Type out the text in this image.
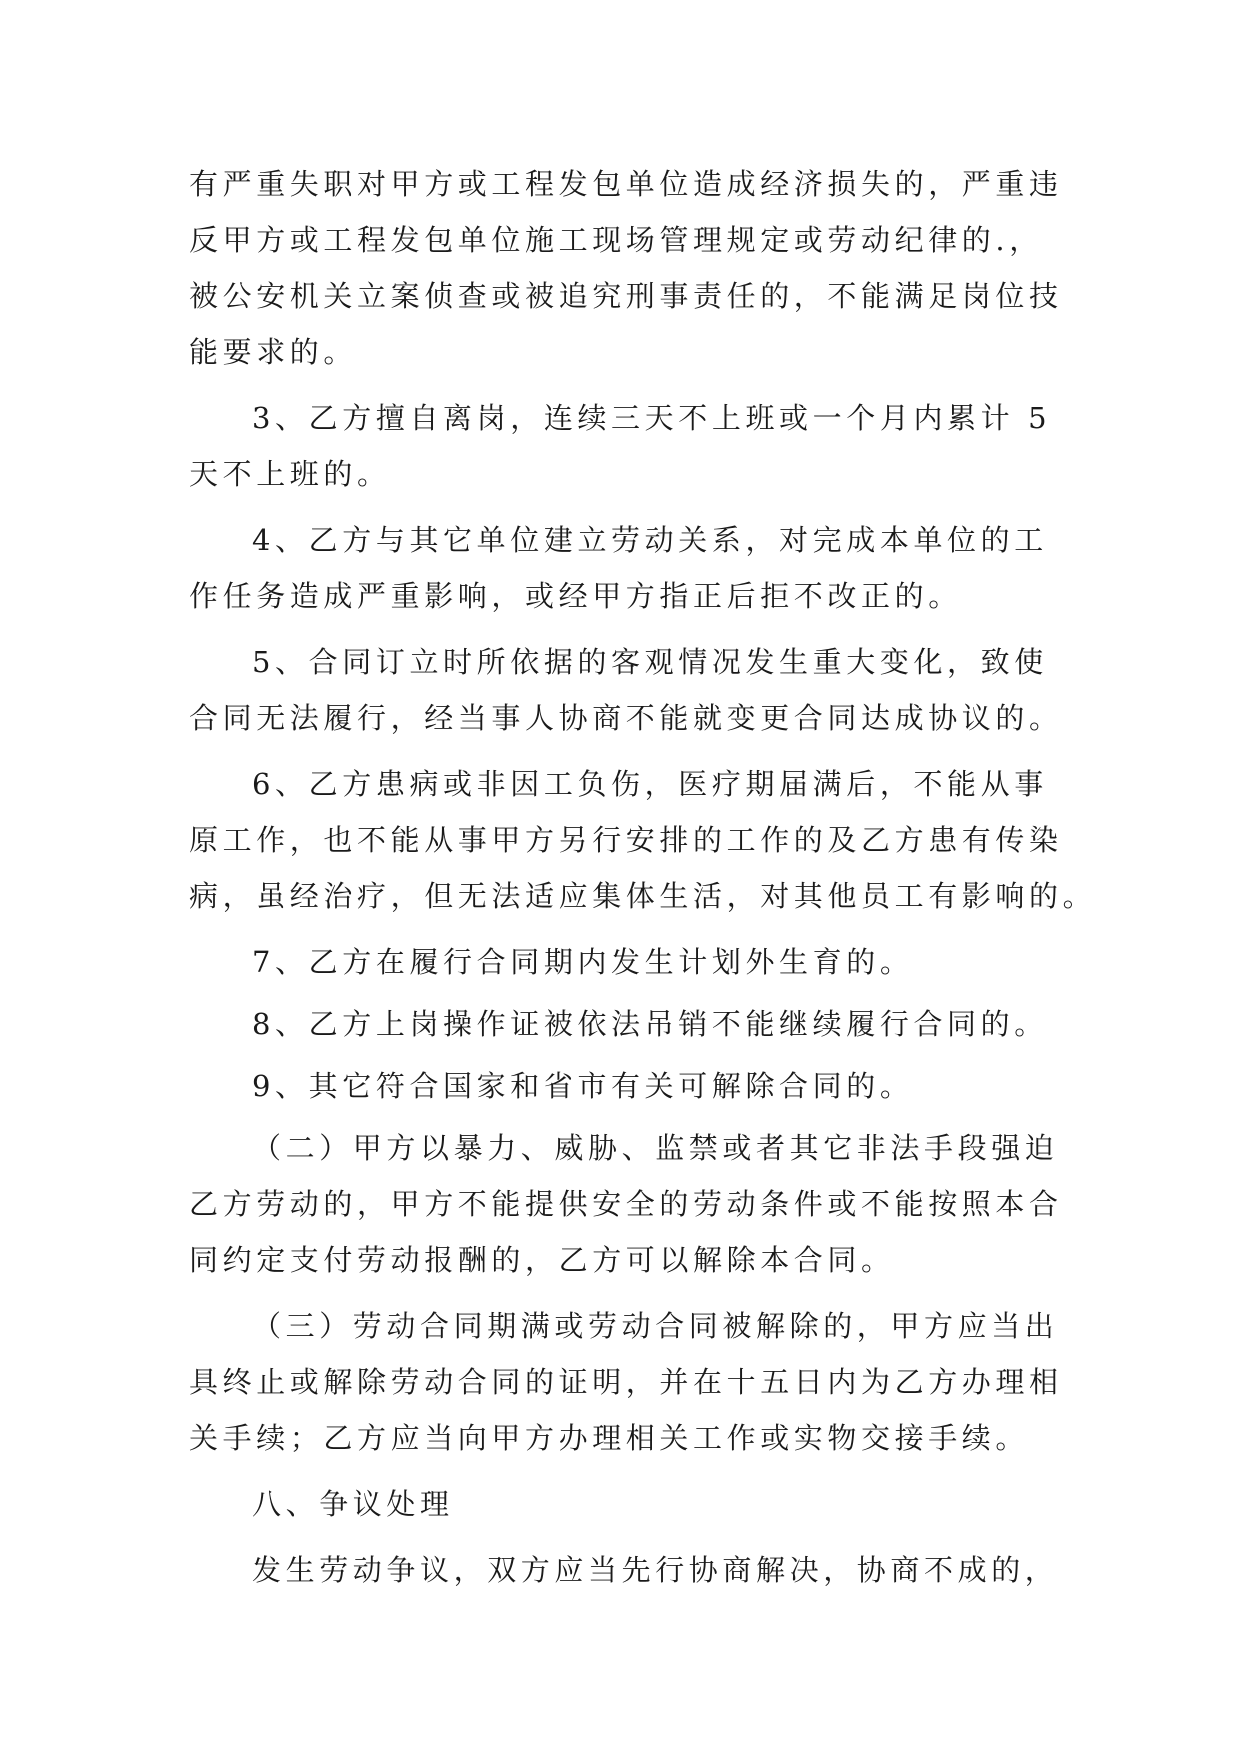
有严重失职对甲方或工程发包单位造成经济损失的，严重违
反甲方或工程发包单位施工现场管理规定或劳动纪律的.，
被公安机关立案侦查或被追究刑事责任的，不能满足岗位技
能要求的。
3、乙方擅自离岗，连续三天不上班或一个月内累计 5
天不上班的。
4、乙方与其它单位建立劳动关系，对完成本单位的工
作任务造成严重影响，或经甲方指正后拒不改正的。
5、合同订立时所依据的客观情况发生重大变化，致使
合同无法履行，经当事人协商不能就变更合同达成协议的。
6、乙方患病或非因工负伤，医疗期届满后，不能从事
原工作，也不能从事甲方另行安排的工作的及乙方患有传染
病，虽经治疗，但无法适应集体生活，对其他员工有影响的。
7、乙方在履行合同期内发生计划外生育的。
8、乙方上岗操作证被依法吊销不能继续履行合同的。
9、其它符合国家和省市有关可解除合同的。
（二）甲方以暴力、威胁、监禁或者其它非法手段强迫
乙方劳动的，甲方不能提供安全的劳动条件或不能按照本合
同约定支付劳动报酬的，乙方可以解除本合同。
（三）劳动合同期满或劳动合同被解除的，甲方应当出
具终止或解除劳动合同的证明，并在十五日内为乙方办理相
关手续；乙方应当向甲方办理相关工作或实物交接手续。
八、争议处理
发生劳动争议，双方应当先行协商解决，协商不成的，
